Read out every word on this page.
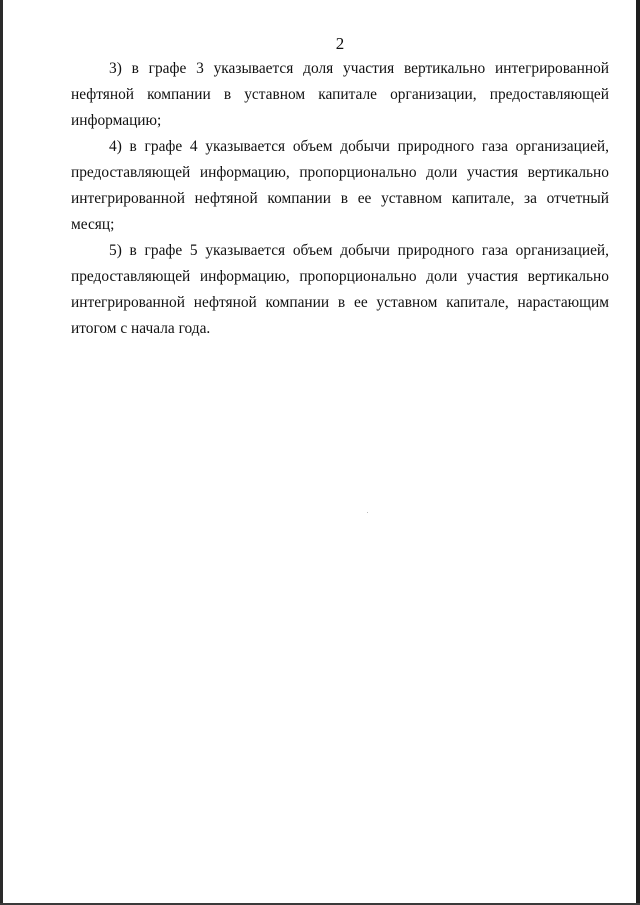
2

3) в графе 3 указывается доля участия вертикально интегрированной нефтяной компании в уставном капитале организации, предоставляющей информацию;

4) в графе 4 указывается объем добычи природного газа организацией, предоставляющей информацию, пропорционально доли участия вертикально интегрированной нефтяной компании в ее уставном капитале, за отчетный месяц;

5) в графе 5 указывается объем добычи природного газа организацией, предоставляющей информацию, пропорционально доли участия вертикально интегрированной нефтяной компании в ее уставном капитале, нарастающим итогом с начала года.
